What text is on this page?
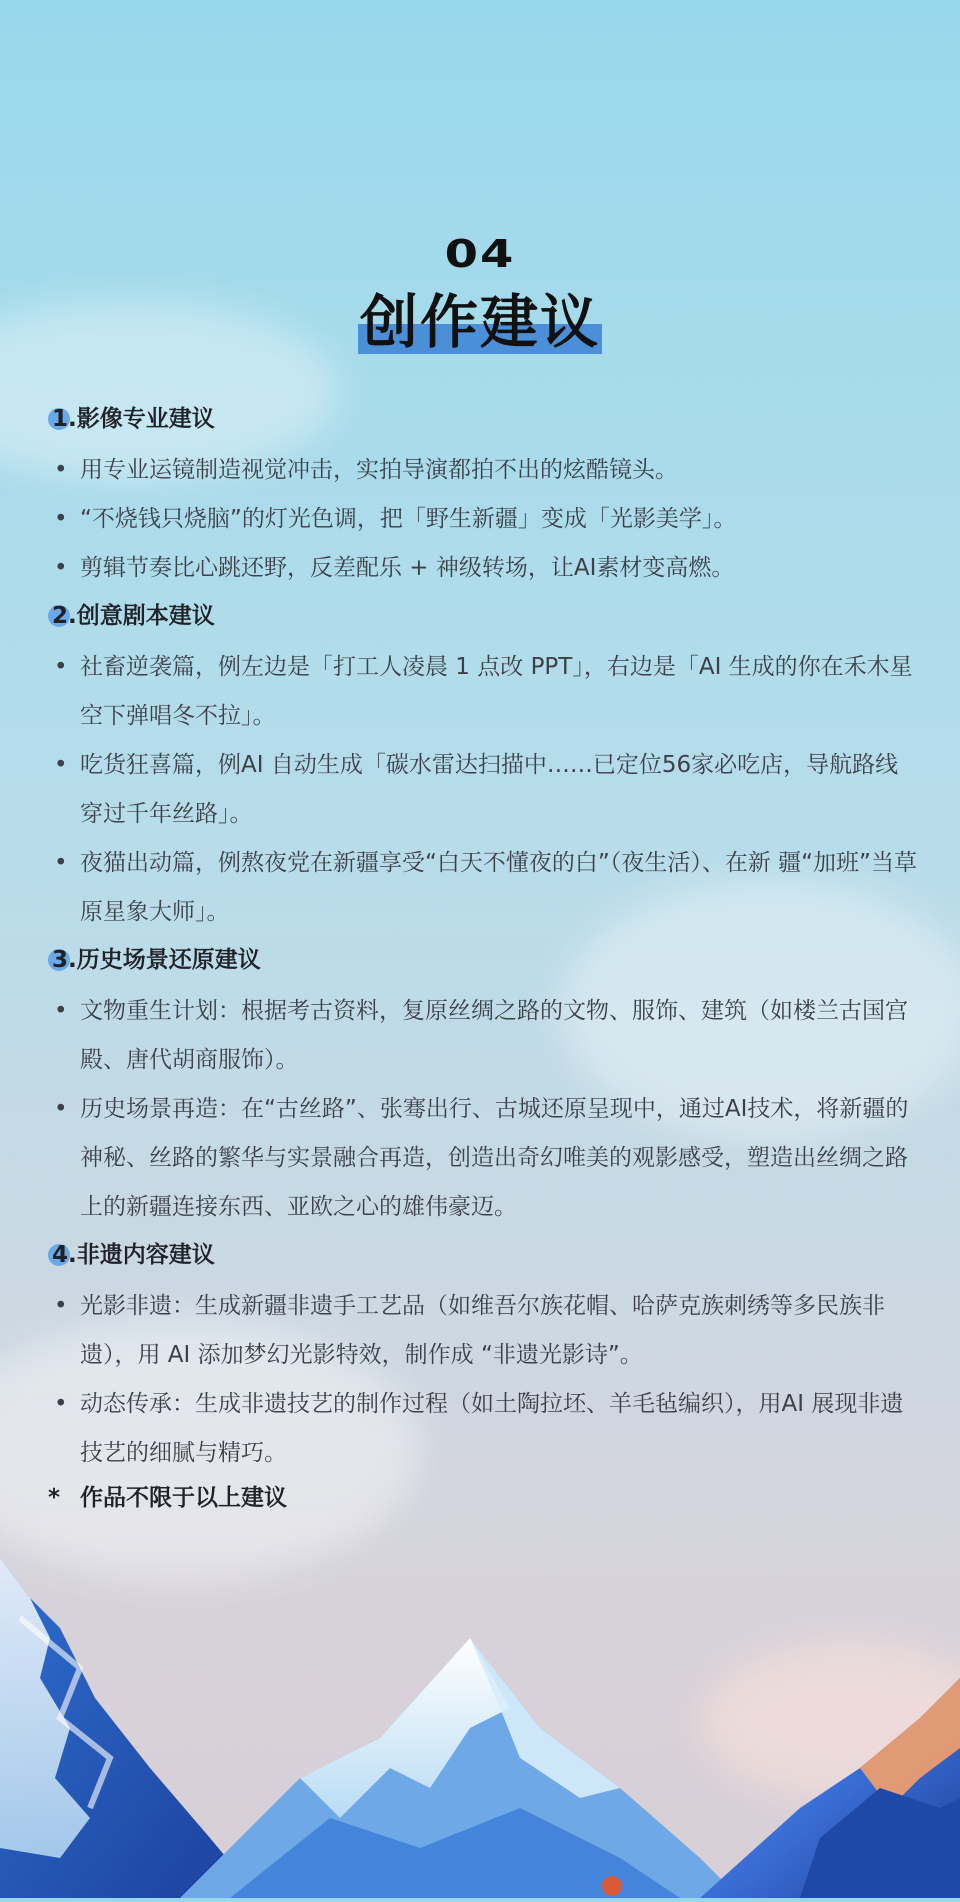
04
创作建议
1.影像专业建议
• 用专业运镜制造视觉冲击，实拍导演都拍不出的炫酷镜头。
• “不烧钱只烧脑”的灯光色调，把「野生新疆」变成「光影美学」。
• 剪辑节奏比心跳还野，反差配乐 + 神级转场，让AI素材变高燃。
2.创意剧本建议
• 社畜逆袭篇，例左边是「打工人凌晨 1 点改 PPT」，右边是「AI 生成的你在禾木星空下弹唱冬不拉」。
• 吃货狂喜篇，例AI 自动生成「碳水雷达扫描中……已定位56家必吃店，导航路线穿过千年丝路」。
• 夜猫出动篇，例熬夜党在新疆享受“白天不懂夜的白”（夜生活）、在新 疆“加班”当草原星象大师」。
3.历史场景还原建议
• 文物重生计划：根据考古资料，复原丝绸之路的文物、服饰、建筑（如楼兰古国宫殿、唐代胡商服饰）。
• 历史场景再造：在“古丝路”、张骞出行、古城还原呈现中，通过AI技术，将新疆的神秘、丝路的繁华与实景融合再造，创造出奇幻唯美的观影感受，塑造出丝绸之路上的新疆连接东西、亚欧之心的雄伟豪迈。
4.非遗内容建议
• 光影非遗：生成新疆非遗手工艺品（如维吾尔族花帽、哈萨克族刺绣等多民族非遗），用 AI 添加梦幻光影特效，制作成 “非遗光影诗”。
• 动态传承：生成非遗技艺的制作过程（如土陶拉坯、羊毛毡编织），用AI 展现非遗技艺的细腻与精巧。
* 作品不限于以上建议
